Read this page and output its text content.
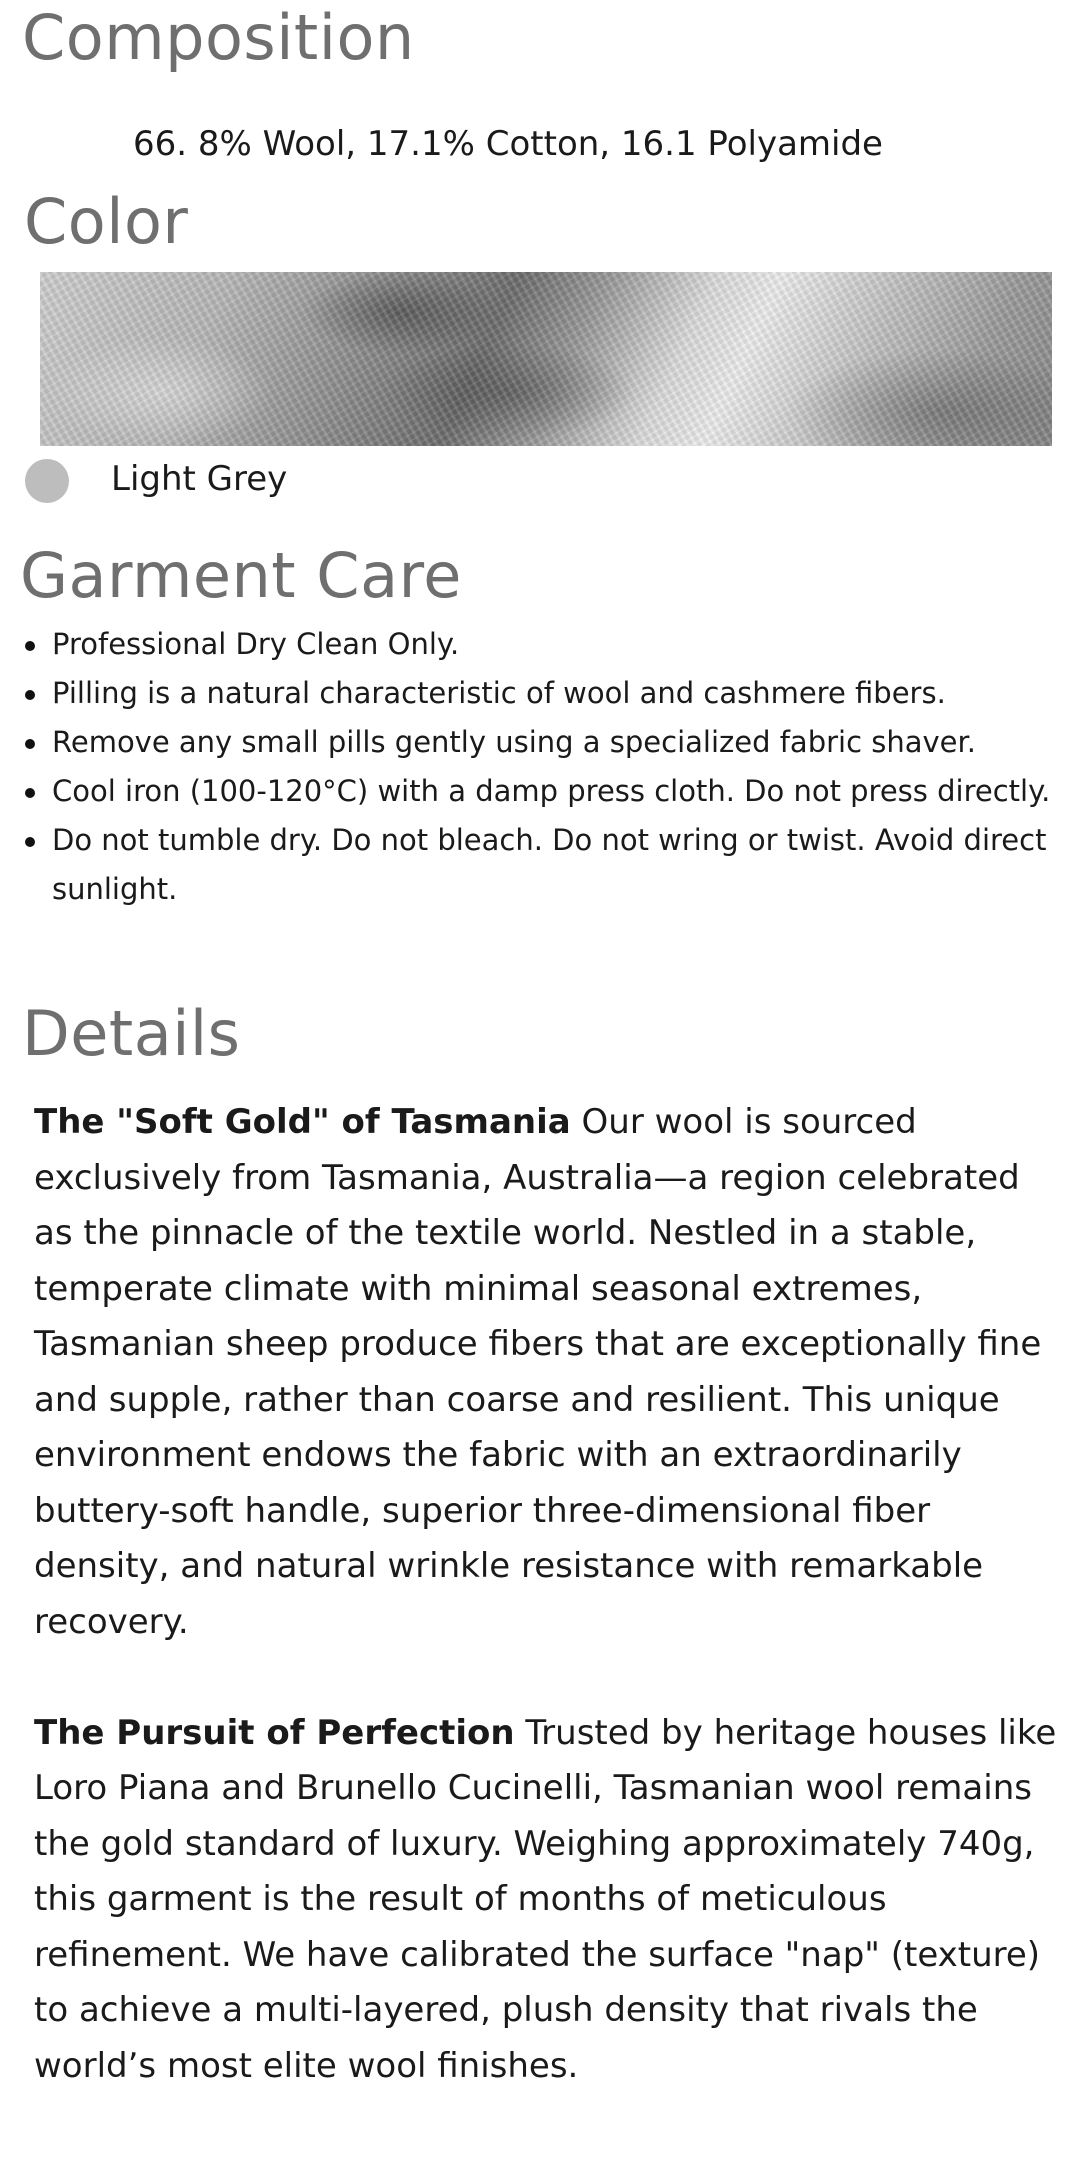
Composition
66. 8% Wool, 17.1% Cotton, 16.1 Polyamide
Color
Light Grey
Garment Care
Professional Dry Clean Only.
Pilling is a natural characteristic of wool and cashmere fibers.
Remove any small pills gently using a specialized fabric shaver.
Cool iron (100-120°C) with a damp press cloth. Do not press directly.
Do not tumble dry. Do not bleach. Do not wring or twist. Avoid direct sunlight.
Details

The "Soft Gold" of Tasmania Our wool is sourced exclusively from Tasmania, Australia—a region celebrated as the pinnacle of the textile world. Nestled in a stable, temperate climate with minimal seasonal extremes, Tasmanian sheep produce fibers that are exceptionally fine and supple, rather than coarse and resilient. This unique environment endows the fabric with an extraordinarily buttery-soft handle, superior three-dimensional fiber density, and natural wrinkle resistance with remarkable recovery.

The Pursuit of Perfection Trusted by heritage houses like Loro Piana and Brunello Cucinelli, Tasmanian wool remains the gold standard of luxury. Weighing approximately 740g, this garment is the result of months of meticulous refinement. We have calibrated the surface "nap" (texture) to achieve a multi-layered, plush density that rivals the world’s most elite wool finishes.
